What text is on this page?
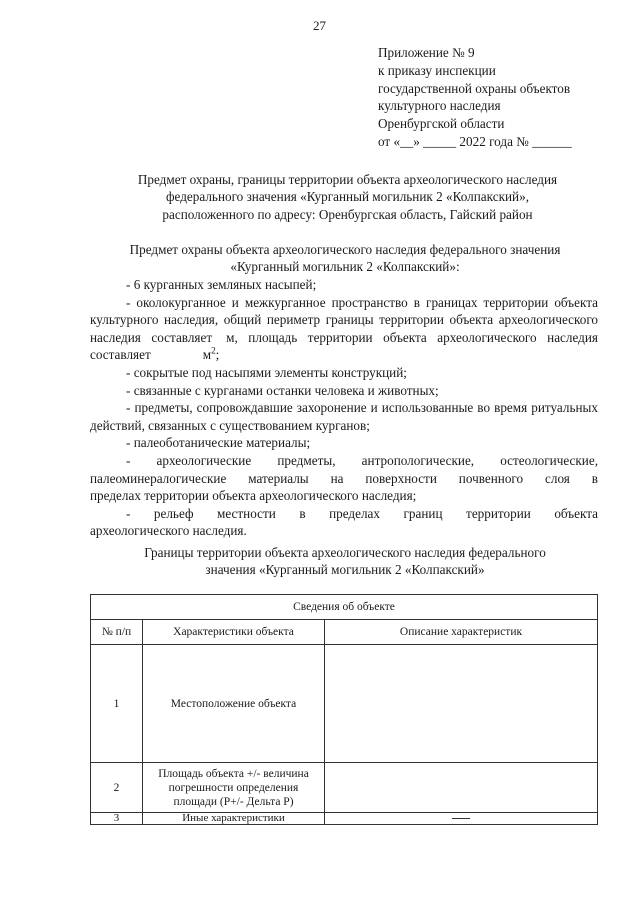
27
Приложение № 9
к приказу инспекции
государственной охраны объектов
культурного наследия
Оренбургской области
от «__» _____ 2022 года № ______
Предмет охраны, границы территории объекта археологического наследия
федерального значения «Курганный могильник 2 «Колпакский»,
расположенного по адресу: Оренбургская область, Гайский район
Предмет охраны объекта археологического наследия федерального значения
«Курганный могильник 2 «Колпакский»:

- 6 курганных земляных насыпей;

- околокурганное и межкурганное пространство в границах территории объекта культурного наследия, общий периметр границы территории объекта археологического наследия составляет м, площадь территории объекта археологического наследия составляет	$м^2$;

- сокрытые под насыпями элементы конструкций;

- связанные с курганами останки человека и животных;

- предметы, сопровождавшие захоронение и использованные во время ритуальных действий, связанных с существованием курганов;

- палеоботанические материалы;

- археологические предметы, антропологические, остеологические, палеоминералогические материалы на поверхности почвенного слоя в

пределах территории объекта археологического наследия;

- рельеф местности в пределах границ территории объекта

археологического наследия.

Границы территории объекта археологического наследия федерального
значения «Курганный могильник 2 «Колпакский»
Сведения об объекте		
№ п/п	Характеристики объекта	Описание характеристик
1	Местоположение объекта	
2	Площадь объекта +/- величина
погрешности определения
площади (Р+/- Дельта Р)	

3	Иные характеристики	
